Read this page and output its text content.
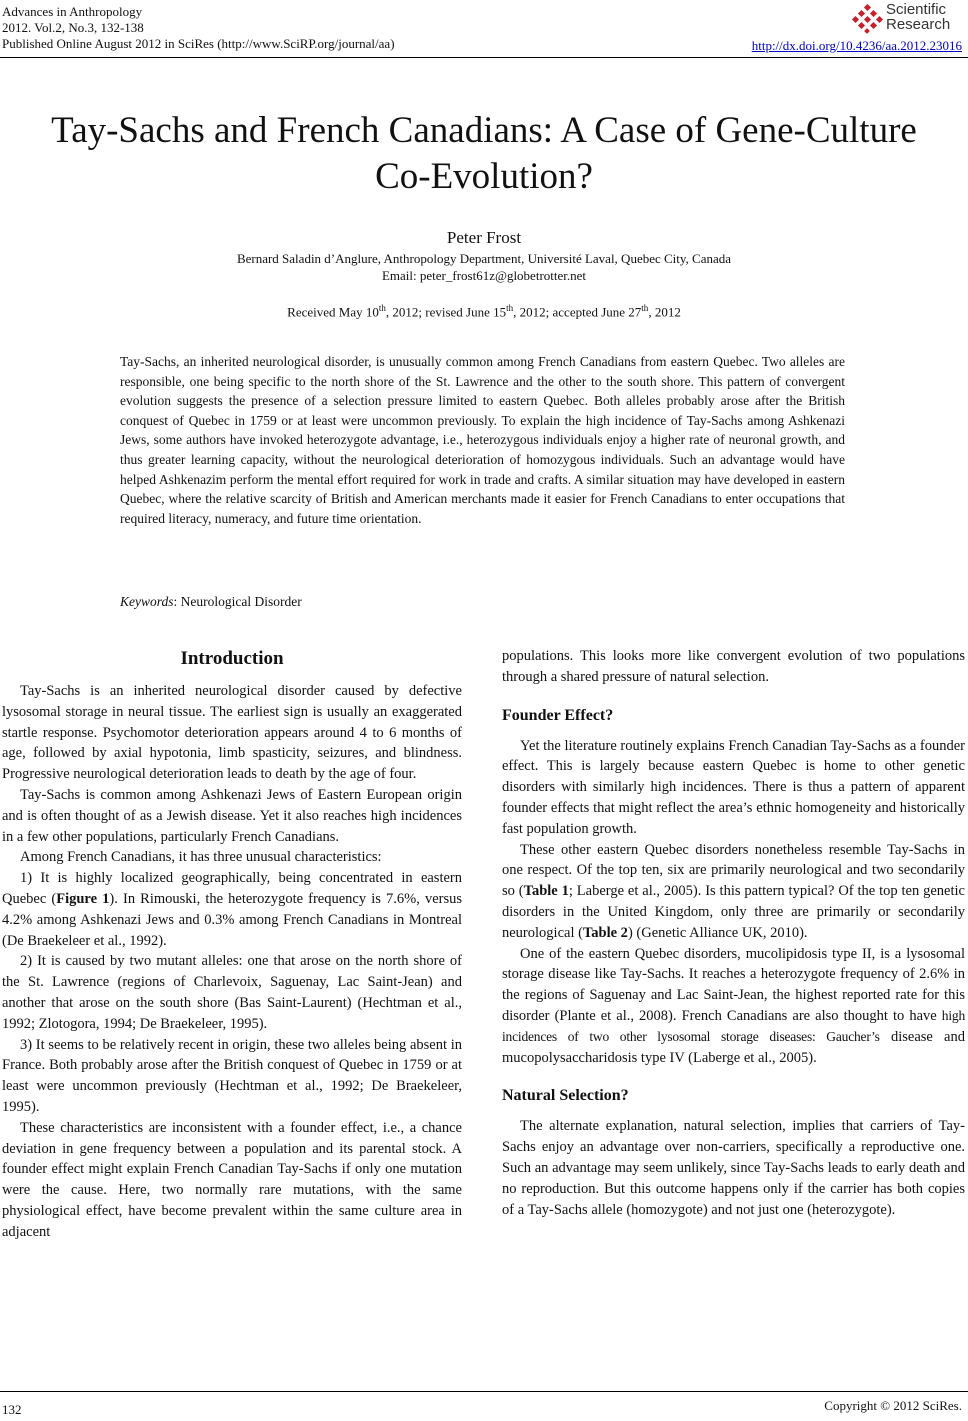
Advances in Anthropology
2012. Vol.2, No.3, 132-138
Published Online August 2012 in SciRes (http://www.SciRP.org/journal/aa)
Scientific
Research
http://dx.doi.org/10.4236/aa.2012.23016
Tay-Sachs and French Canadians: A Case of Gene-Culture
Co-Evolution?
Peter Frost
Bernard Saladin d’Anglure, Anthropology Department, Université Laval, Quebec City, Canada
Email: peter_frost61z@globetrotter.net
Received May 10th, 2012; revised June 15th, 2012; accepted June 27th, 2012

Tay-Sachs, an inherited neurological disorder, is unusually common among French Canadians from eastern Quebec. Two alleles are responsible, one being specific to the north shore of the St. Lawrence and the other to the south shore. This pattern of convergent evolution suggests the presence of a selection pressure limited to eastern Quebec. Both alleles probably arose after the British conquest of Quebec in 1759 or at least were uncommon previously. To explain the high incidence of Tay-Sachs among Ashkenazi Jews, some authors have invoked heterozygote advantage, i.e., heterozygous individuals enjoy a higher rate of neuronal growth, and thus greater learning capacity, without the neurological deterioration of homozygous individuals. Such an advantage would have helped Ashkenazim perform the mental effort required for work in trade and crafts. A similar situation may have developed in eastern Quebec, where the relative scarcity of British and American merchants made it easier for French Canadians to enter occupations that required literacy, numeracy, and future time orientation.

Keywords: Neurological Disorder
Introduction

Tay-Sachs is an inherited neurological disorder caused by defective lysosomal storage in neural tissue. The earliest sign is usually an exaggerated startle response. Psychomotor deterioration appears around 4 to 6 months of age, followed by axial hypotonia, limb spasticity, seizures, and blindness. Progressive neurological deterioration leads to death by the age of four.

Tay-Sachs is common among Ashkenazi Jews of Eastern European origin and is often thought of as a Jewish disease. Yet it also reaches high incidences in a few other populations, particularly French Canadians.

Among French Canadians, it has three unusual characteristics:

1) It is highly localized geographically, being concentrated in eastern Quebec (Figure 1). In Rimouski, the heterozygote frequency is 7.6%, versus 4.2% among Ashkenazi Jews and 0.3% among French Canadians in Montreal (De Braekeleer et al., 1992).

2) It is caused by two mutant alleles: one that arose on the north shore of the St. Lawrence (regions of Charlevoix, Saguenay, Lac Saint-Jean) and another that arose on the south shore (Bas Saint-Laurent) (Hechtman et al., 1992; Zlotogora, 1994; De Braekeleer, 1995).

3) It seems to be relatively recent in origin, these two alleles being absent in France. Both probably arose after the British conquest of Quebec in 1759 or at least were uncommon previously (Hechtman et al., 1992; De Braekeleer, 1995).

These characteristics are inconsistent with a founder effect, i.e., a chance deviation in gene frequency between a population and its parental stock. A founder effect might explain French Canadian Tay-Sachs if only one mutation were the cause. Here, two normally rare mutations, with the same physiological effect, have become prevalent within the same culture area in adjacent

populations. This looks more like convergent evolution of two populations through a shared pressure of natural selection.

Founder Effect?

Yet the literature routinely explains French Canadian Tay-Sachs as a founder effect. This is largely because eastern Quebec is home to other genetic disorders with similarly high incidences. There is thus a pattern of apparent founder effects that might reflect the area’s ethnic homogeneity and historically fast population growth.

These other eastern Quebec disorders nonetheless resemble Tay-Sachs in one respect. Of the top ten, six are primarily neurological and two secondarily so (Table 1; Laberge et al., 2005). Is this pattern typical? Of the top ten genetic disorders in the United Kingdom, only three are primarily or secondarily neurological (Table 2) (Genetic Alliance UK, 2010).

One of the eastern Quebec disorders, mucolipidosis type II, is a lysosomal storage disease like Tay-Sachs. It reaches a heterozygote frequency of 2.6% in the regions of Saguenay and Lac Saint-Jean, the highest reported rate for this disorder (Plante et al., 2008). French Canadians are also thought to have high incidences of two other lysosomal storage diseases: Gaucher’s disease and mucopolysaccharidosis type IV (Laberge et al., 2005).

Natural Selection?

The alternate explanation, natural selection, implies that carriers of Tay-Sachs enjoy an advantage over non-carriers, specifically a reproductive one. Such an advantage may seem unlikely, since Tay-Sachs leads to early death and no reproduction. But this outcome happens only if the carrier has both copies of a Tay-Sachs allele (homozygote) and not just one (heterozygote).

132	Copyright © 2012 SciRes.
